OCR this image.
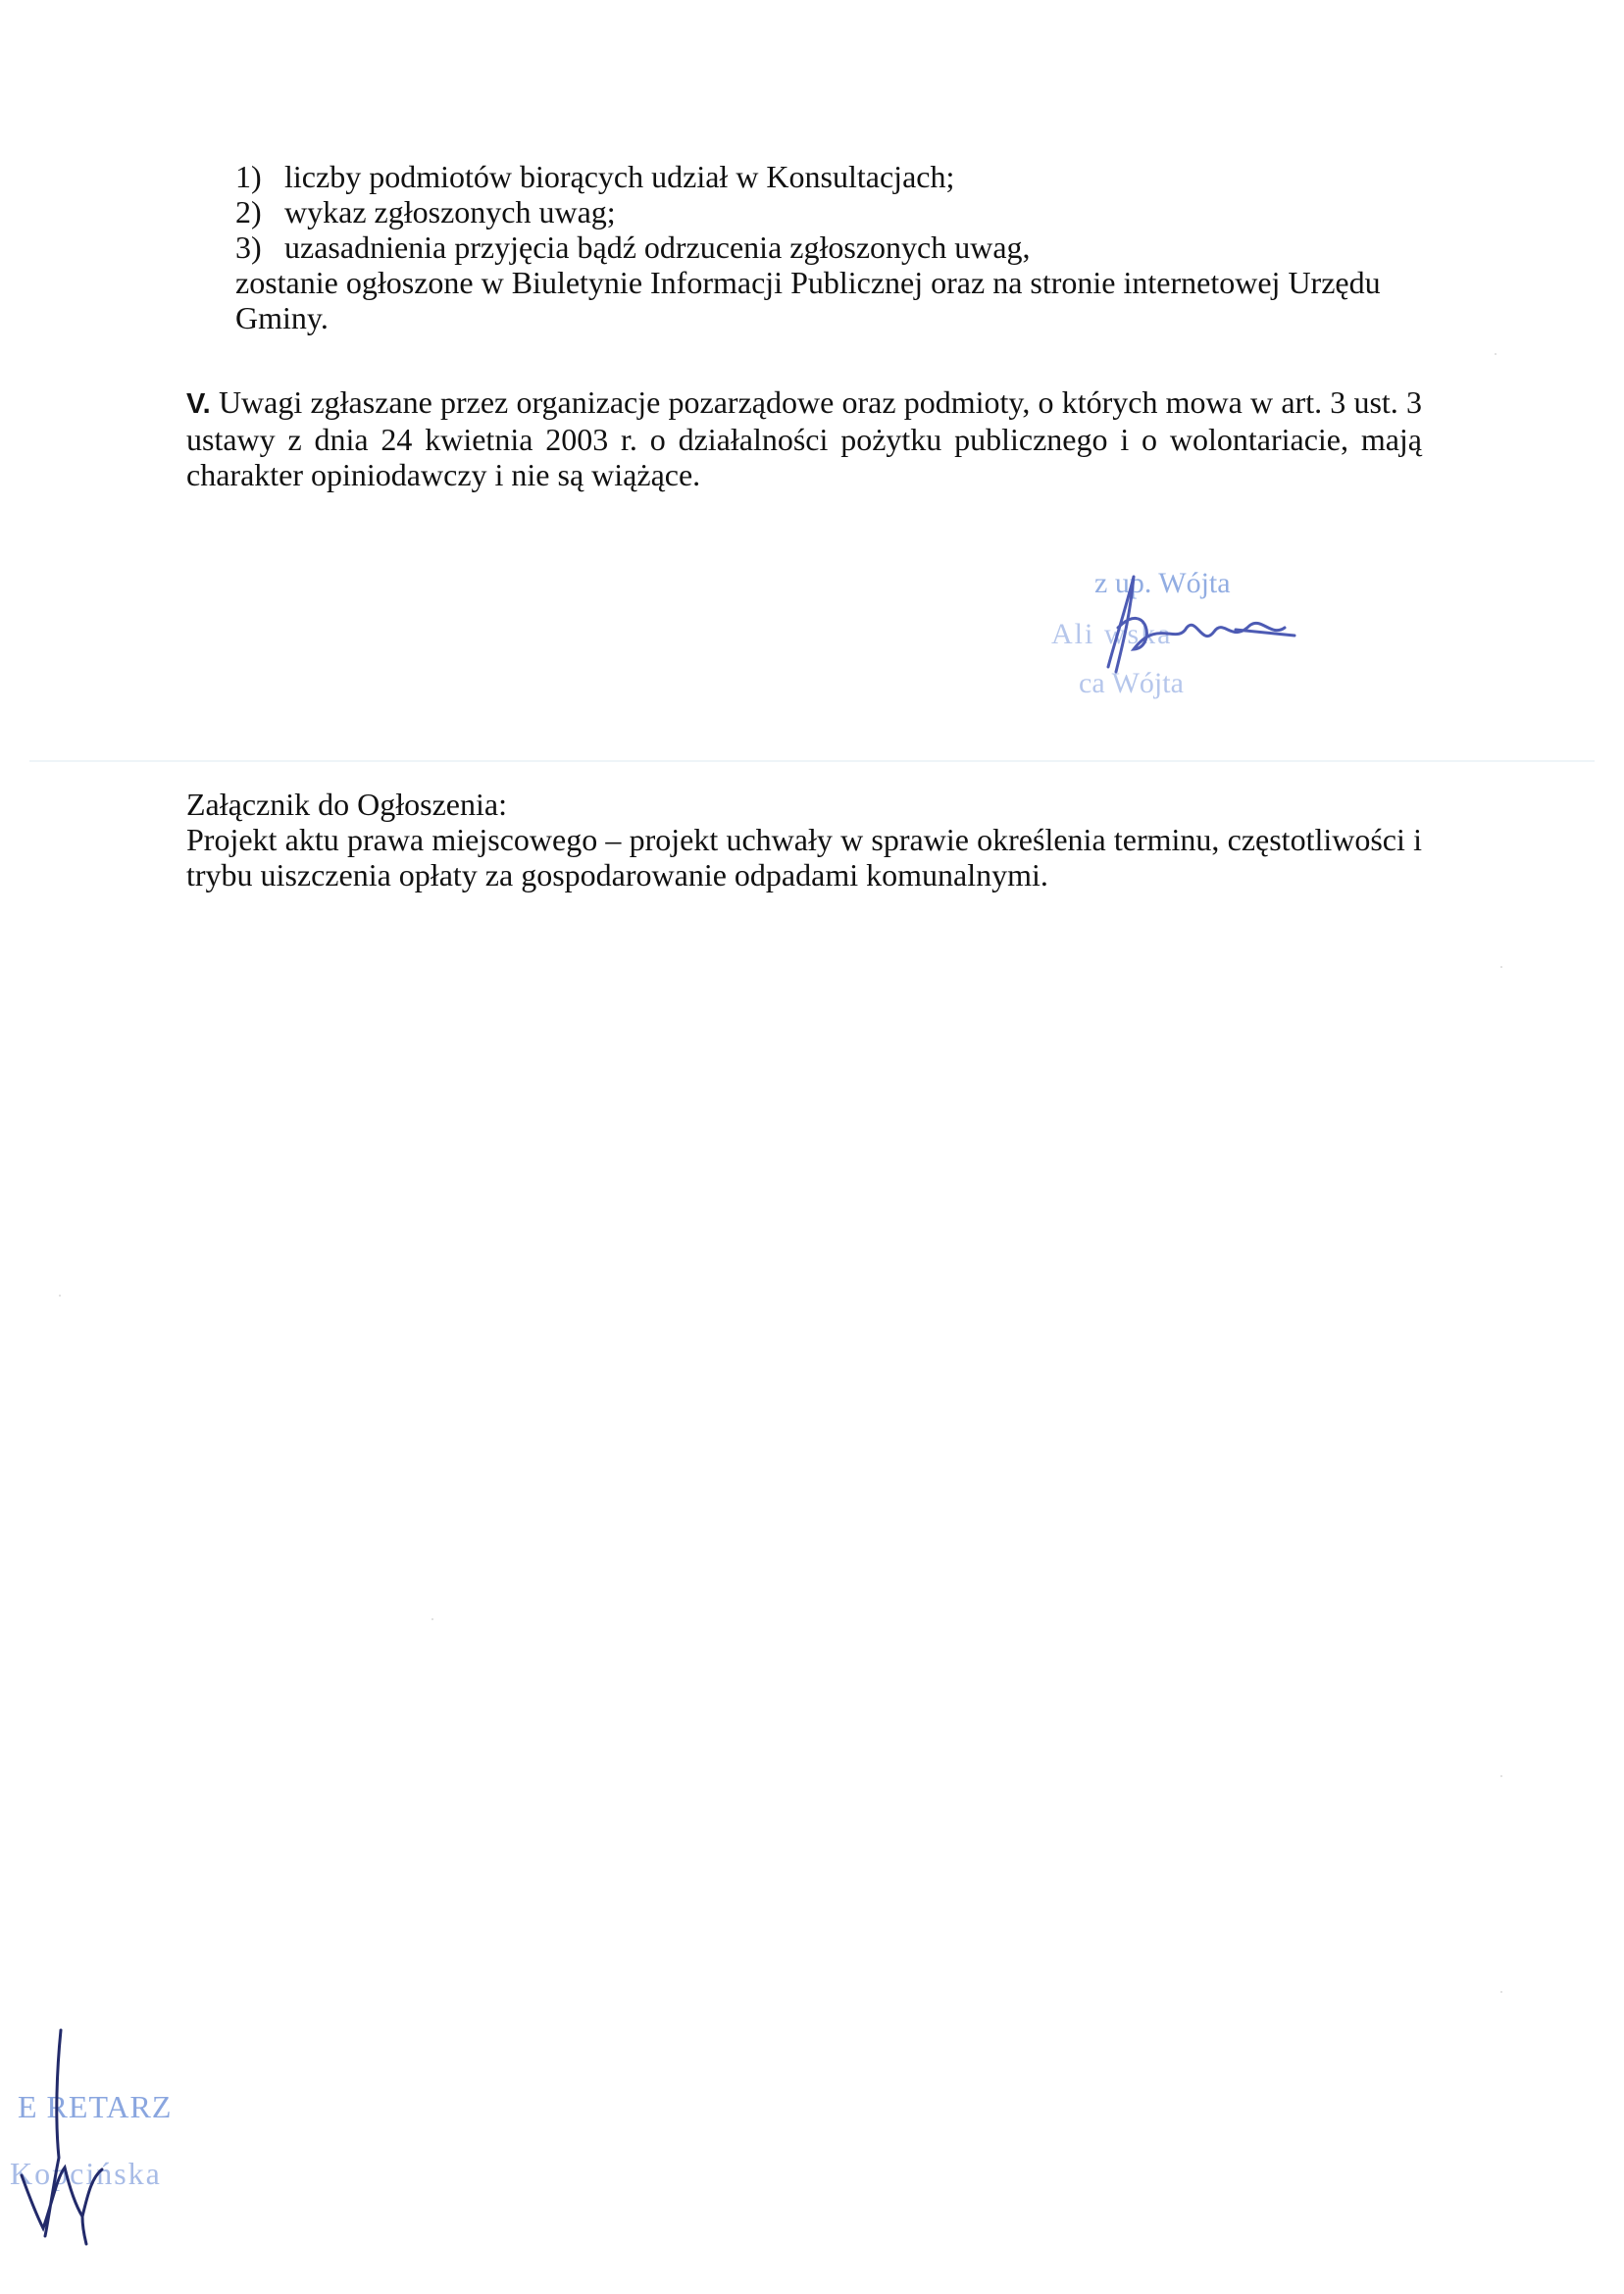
1) liczby podmiotów biorących udział w Konsultacjach;
2) wykaz zgłoszonych uwag;
3) uzasadnienia przyjęcia bądź odrzucenia zgłoszonych uwag,
zostanie ogłoszone w Biuletynie Informacji Publicznej oraz na stronie internetowej Urzędu Gminy.
V. Uwagi zgłaszane przez organizacje pozarządowe oraz podmioty, o których mowa w art. 3 ust. 3 ustawy z dnia 24 kwietnia 2003 r. o działalności pożytku publicznego i o wolontariacie, mają charakter opiniodawczy i nie są wiążące.
z up. Wójta
Ali wska
ca Wójta
Załącznik do Ogłoszenia:
Projekt aktu prawa miejscowego – projekt uchwały w sprawie określenia terminu, częstotliwości i trybu uiszczenia opłaty za gospodarowanie odpadami komunalnymi.
E RETARZ
Kopcińska
